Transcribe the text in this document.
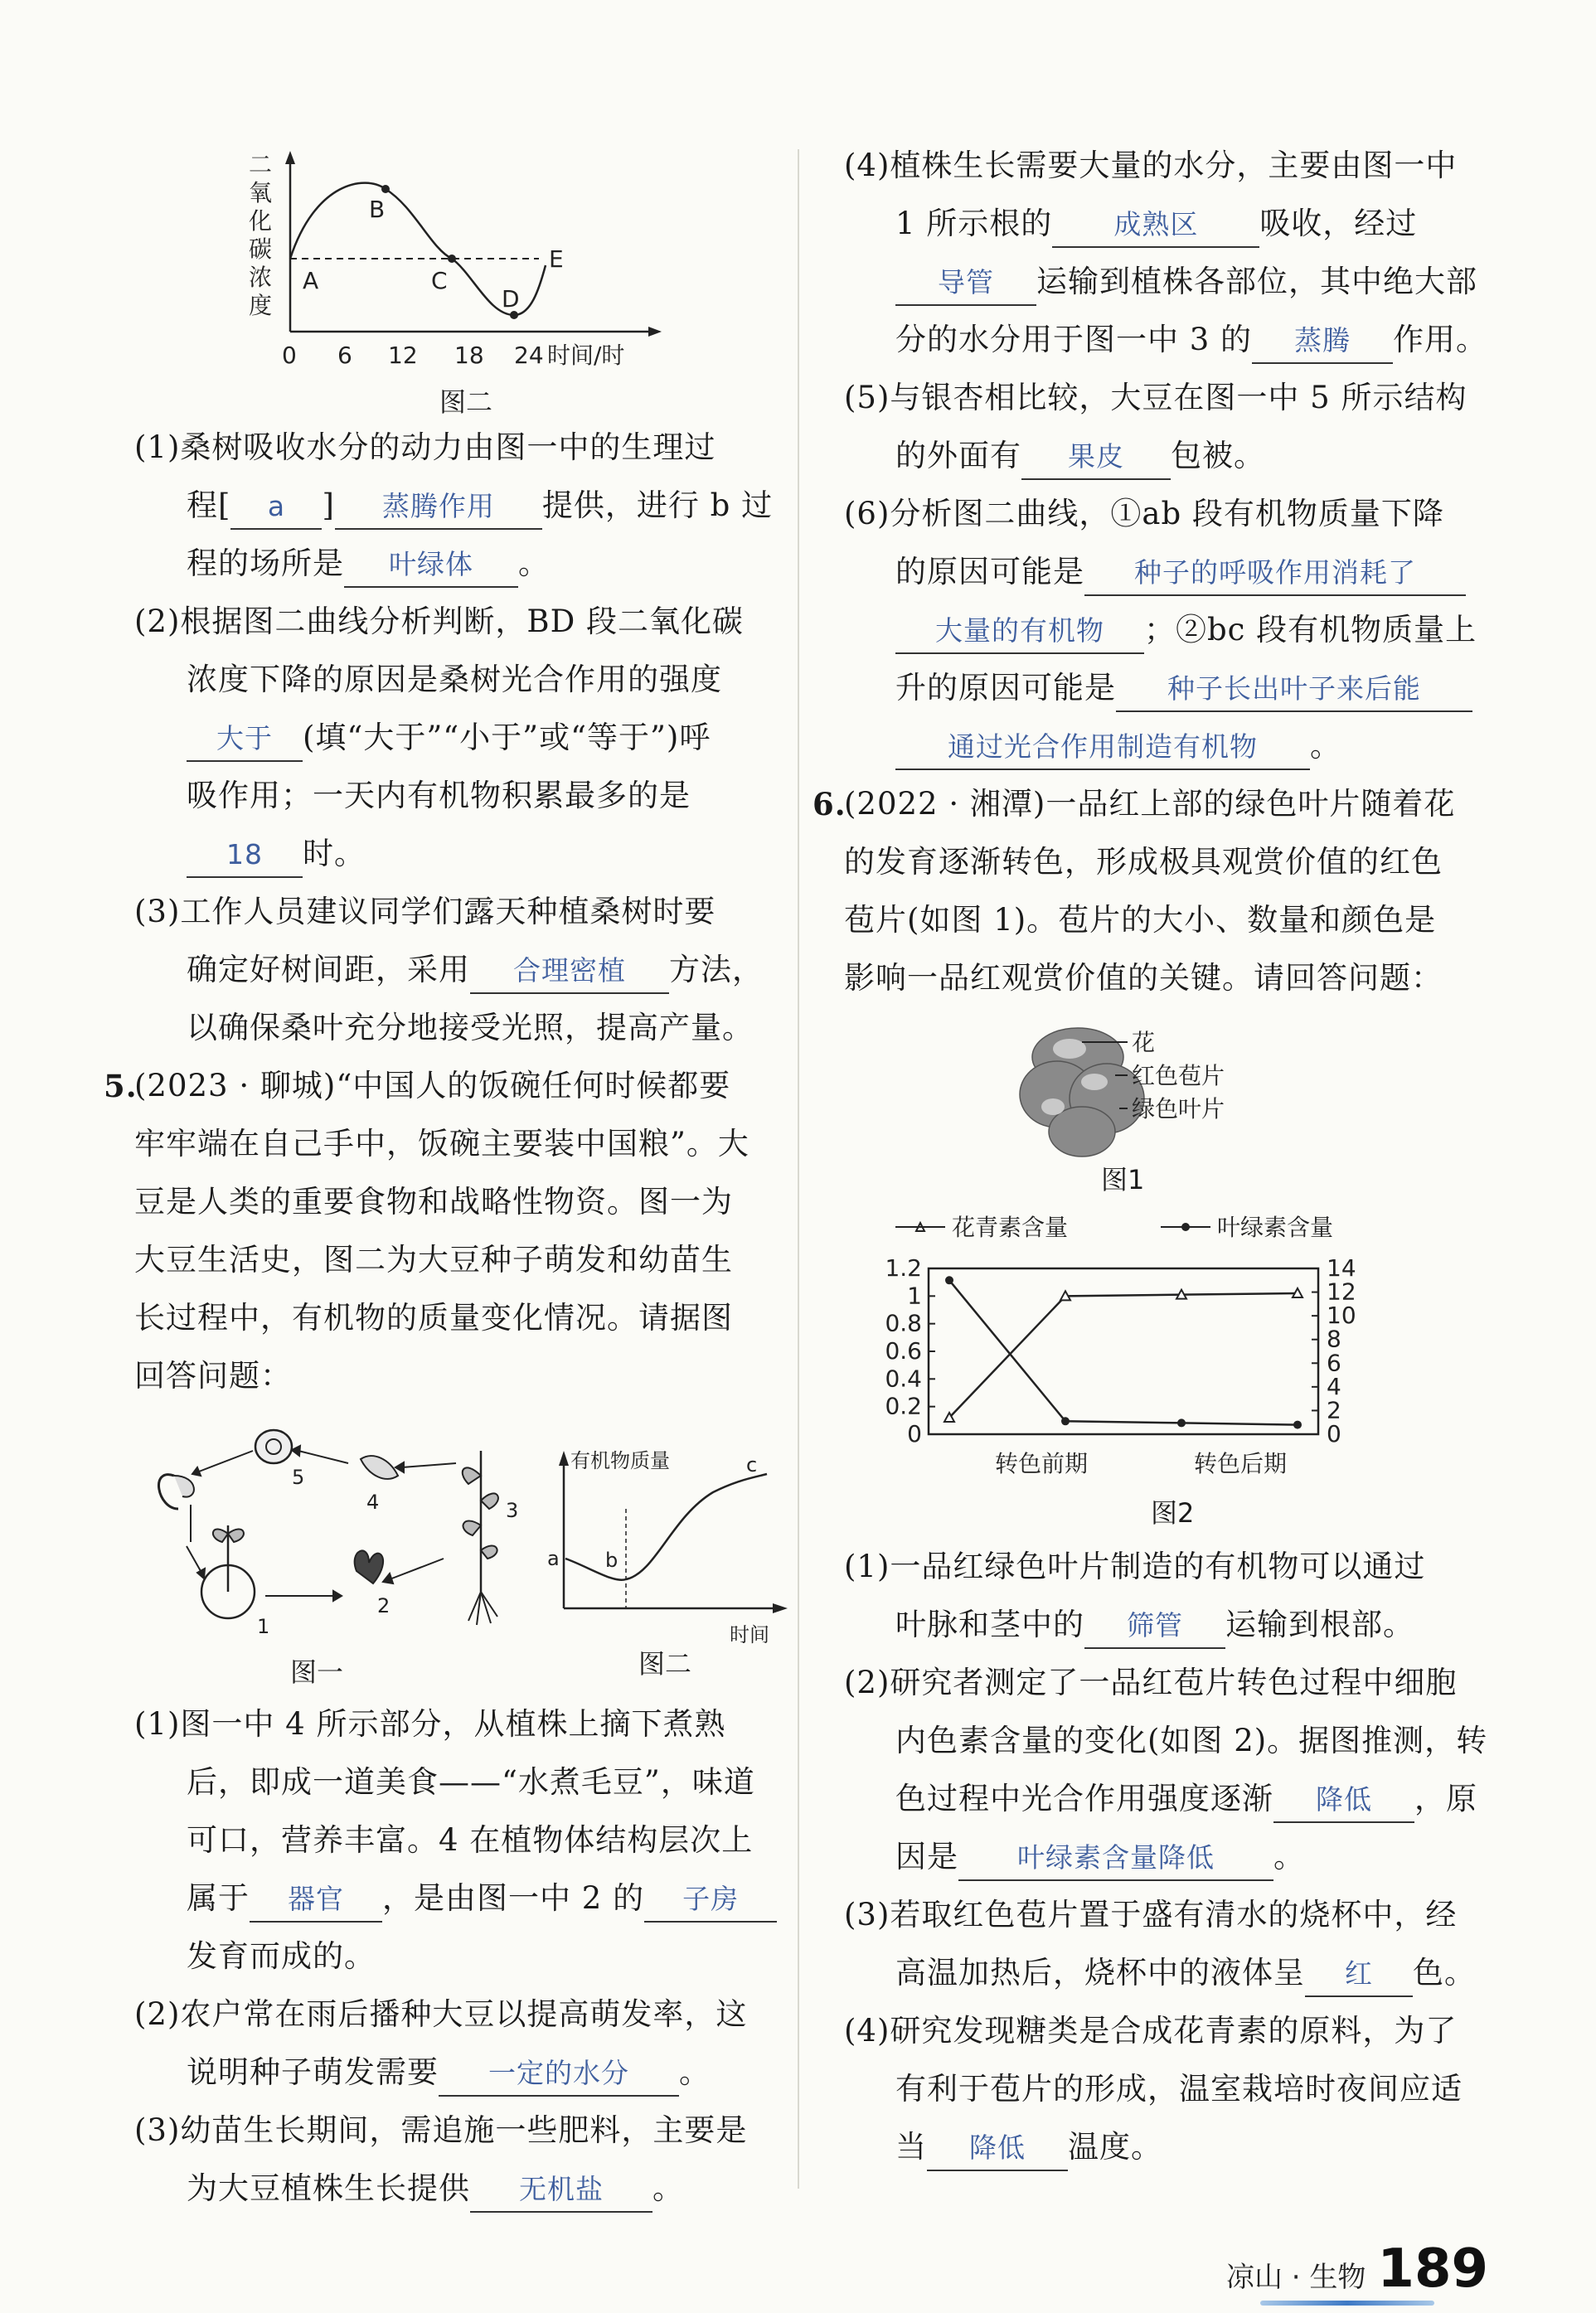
二氧化碳浓度
A
B
C
D
E
0 6 12 18 24 时间/时
图二
(1)桑树吸收水分的动力由图一中的生理过
程[ a ] 蒸腾作用 提供，进行 b 过
程的场所是 叶绿体 。
(2)根据图二曲线分析判断，BD 段二氧化碳
浓度下降的原因是桑树光合作用的强度
大于 (填“大于”“小于”或“等于”)呼
吸作用；一天内有机物积累最多的是
18 时。
(3)工作人员建议同学们露天种植桑树时要
确定好树间距，采用 合理密植 方法，
以确保桑叶充分地接受光照，提高产量。
5.
(2023 · 聊城)“中国人的饭碗任何时候都要
牢牢端在自己手中，饭碗主要装中国粮”。大
豆是人类的重要食物和战略性物资。图一为
大豆生活史，图二为大豆种子萌发和幼苗生
长过程中，有机物的质量变化情况。请据图
回答问题：
5
4	3
2
1
图一
有机物质量
时间
a b
c
图二
(1)图一中 4 所示部分，从植株上摘下煮熟
后，即成一道美食——“水煮毛豆”，味道
可口，营养丰富。4 在植物体结构层次上
属于 器官 ，是由图一中 2 的 子房
发育而成的。
(2)农户常在雨后播种大豆以提高萌发率，这
说明种子萌发需要 一定的水分 。
(3)幼苗生长期间，需追施一些肥料，主要是
为大豆植株生长提供 无机盐 。
(4)植株生长需要大量的水分，主要由图一中
1 所示根的 成熟区 吸收，经过
导管 运输到植株各部位，其中绝大部
分的水分用于图一中 3 的 蒸腾 作用。
(5)与银杏相比较，大豆在图一中 5 所示结构
的外面有 果皮 包被。
(6)分析图二曲线，①ab 段有机物质量下降
的原因可能是 种子的呼吸作用消耗了
大量的有机物 ；②bc 段有机物质量上
升的原因可能是 种子长出叶子来后能
通过光合作用制造有机物 。
6.
(2022 · 湘潭)一品红上部的绿色叶片随着花
的发育逐渐转色，形成极具观赏价值的红色
苞片(如图 1)。苞片的大小、数量和颜色是
影响一品红观赏价值的关键。请回答问题：
花
红色苞片
绿色叶片
图1
花青素含量	叶绿素含量
0
0.2
0.4
0.6
0.8
1
1.2
0
2
4
6
8
10
12
14
转色前期	转色后期
图2
(1)一品红绿色叶片制造的有机物可以通过
叶脉和茎中的 筛管 运输到根部。
(2)研究者测定了一品红苞片转色过程中细胞
内色素含量的变化(如图 2)。据图推测，转
色过程中光合作用强度逐渐 降低 ，原
因是 叶绿素含量降低 。
(3)若取红色苞片置于盛有清水的烧杯中，经
高温加热后，烧杯中的液体呈 红 色。
(4)研究发现糖类是合成花青素的原料，为了
有利于苞片的形成，温室栽培时夜间应适
当 降低 温度。
凉山 · 生物 189
